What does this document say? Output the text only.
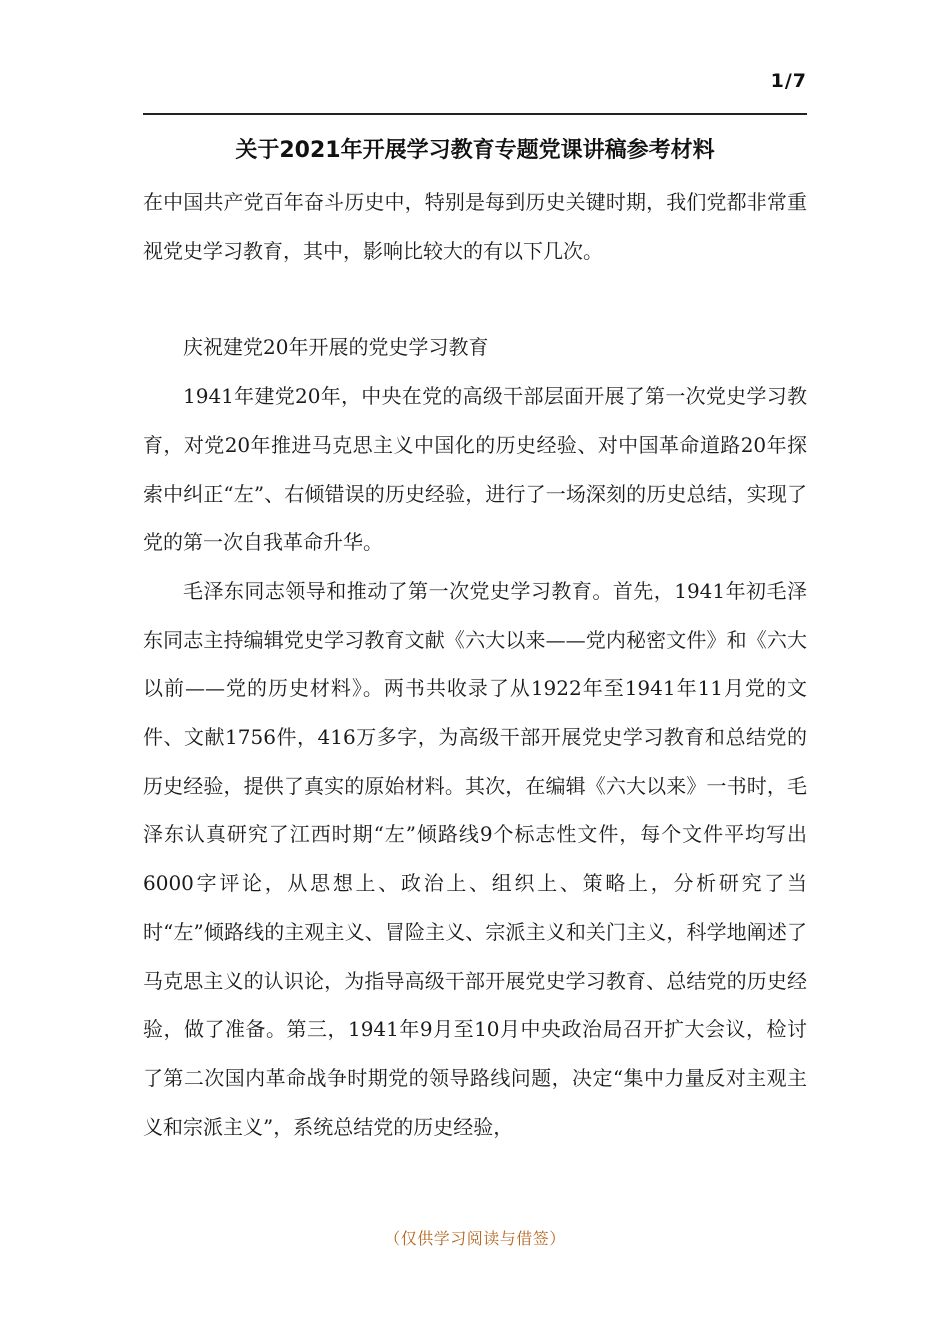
1/7
关于2021年开展学习教育专题党课讲稿参考材料

在中国共产党百年奋斗历史中，特别是每到历史关键时期，我们党都非常重视党史学习教育，其中，影响比较大的有以下几次。

庆祝建党20年开展的党史学习教育

1941年建党20年，中央在党的高级干部层面开展了第一次党史学习教育，对党20年推进马克思主义中国化的历史经验、对中国革命道路20年探索中纠正“左”、右倾错误的历史经验，进行了一场深刻的历史总结，实现了党的第一次自我革命升华。

毛泽东同志领导和推动了第一次党史学习教育。首先，1941年初毛泽东同志主持编辑党史学习教育文献《六大以来——党内秘密文件》和《六大以前——党的历史材料》。两书共收录了从1922年至1941年11月党的文件、文献1756件，416万多字，为高级干部开展党史学习教育和总结党的历史经验，提供了真实的原始材料。其次，在编辑《六大以来》一书时，毛泽东认真研究了江西时期“左”倾路线9个标志性文件，每个文件平均写出6000字评论，从思想上、政治上、组织上、策略上，分析研究了当时“左”倾路线的主观主义、冒险主义、宗派主义和关门主义，科学地阐述了马克思主义的认识论，为指导高级干部开展党史学习教育、总结党的历史经验，做了准备。第三，1941年9月至10月中央政治局召开扩大会议，检讨了第二次国内革命战争时期党的领导路线问题，决定“集中力量反对主观主义和宗派主义”，系统总结党的历史经验，

（仅供学习阅读与借签）
